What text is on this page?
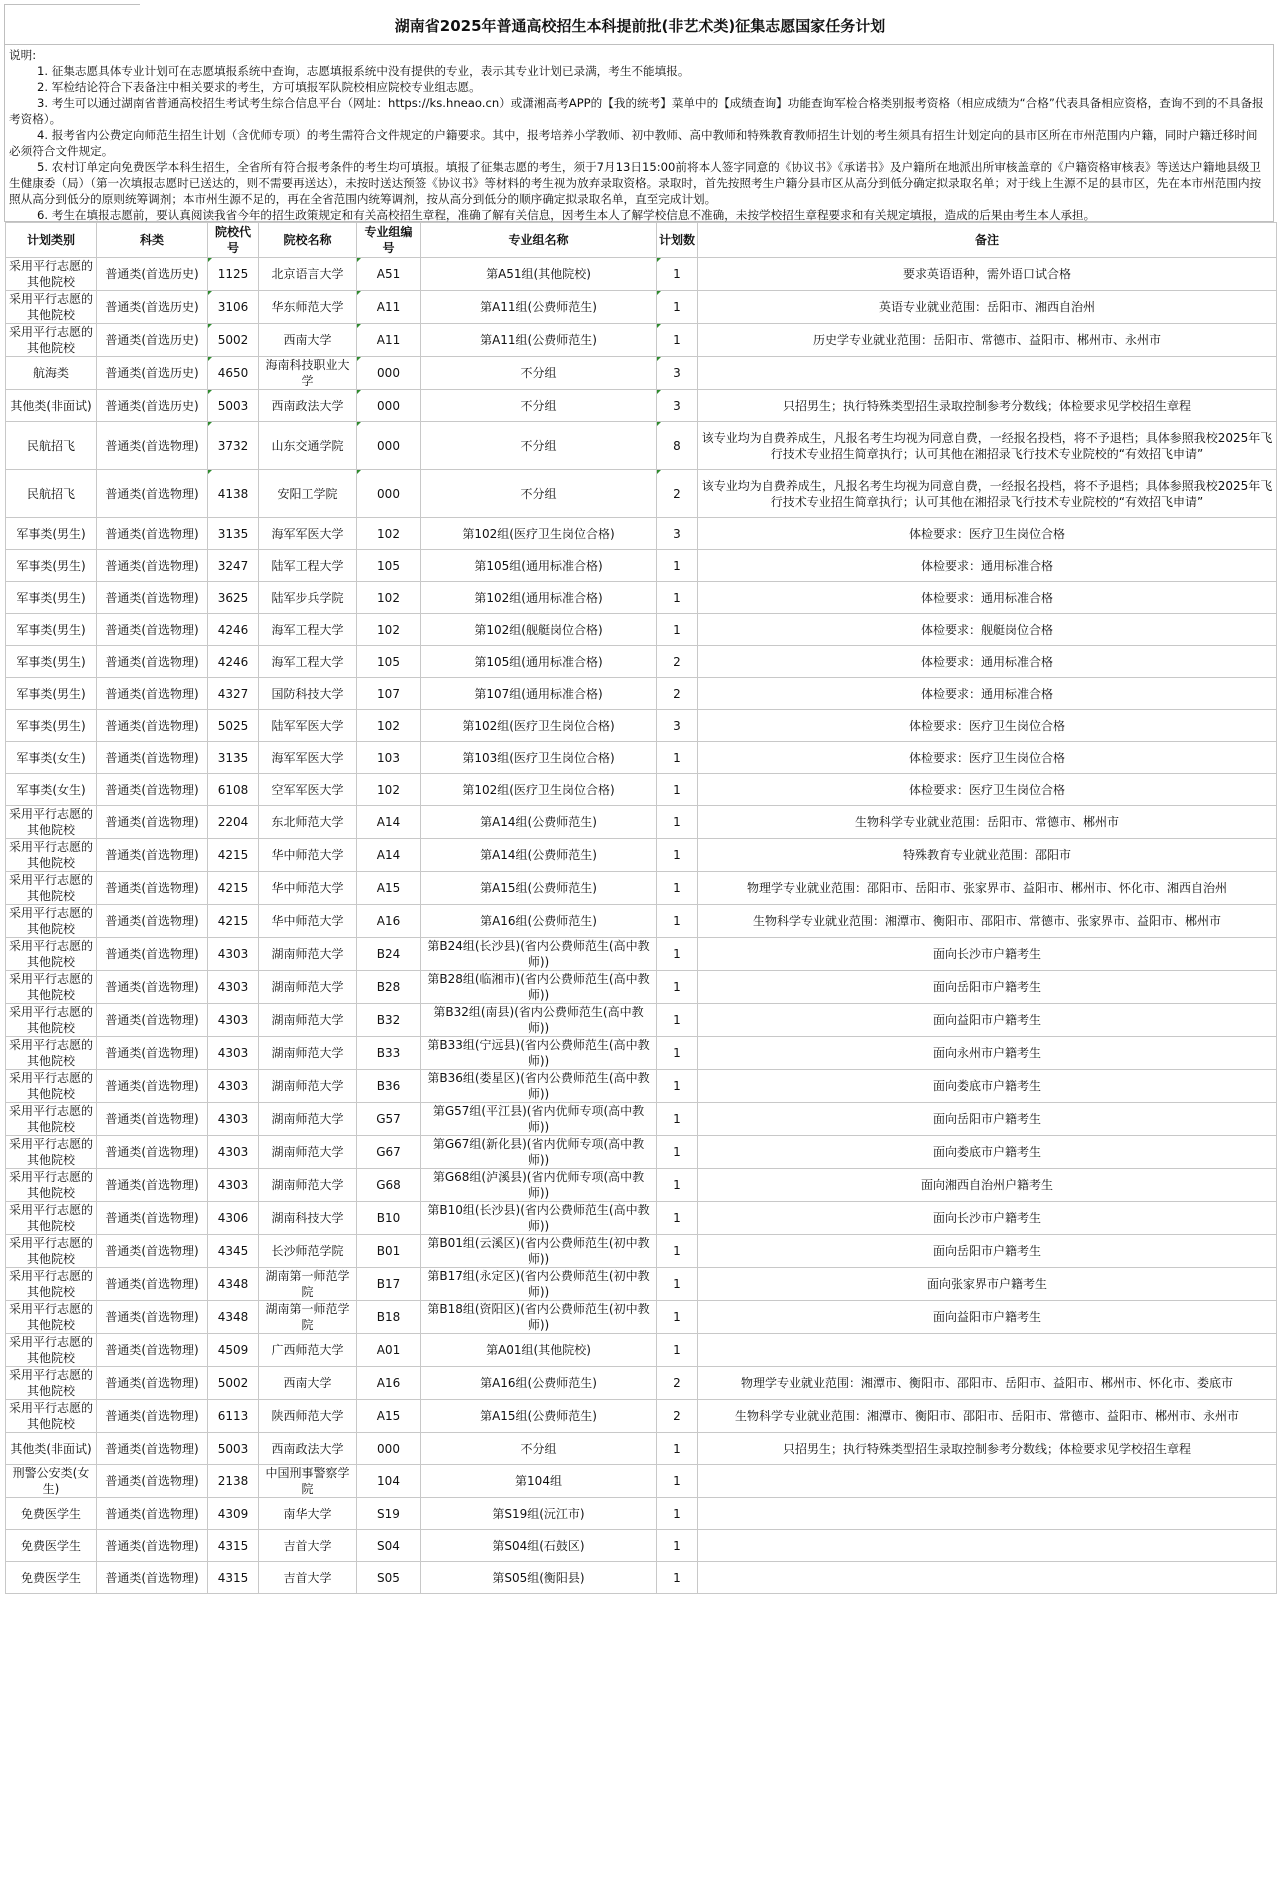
湖南省2025年普通高校招生本科提前批(非艺术类)征集志愿国家任务计划

说明:

1. 征集志愿具体专业计划可在志愿填报系统中查询，志愿填报系统中没有提供的专业，表示其专业计划已录满，考生不能填报。

2. 军检结论符合下表备注中相关要求的考生，方可填报军队院校相应院校专业组志愿。

3. 考生可以通过湖南省普通高校招生考试考生综合信息平台（网址：https://ks.hneao.cn）或潇湘高考APP的【我的统考】菜单中的【成绩查询】功能查询军检合格类别报考资格（相应成绩为“合格”代表具备相应资格，查询不到的不具备报考资格）。

4. 报考省内公费定向师范生招生计划（含优师专项）的考生需符合文件规定的户籍要求。其中，报考培养小学教师、初中教师、高中教师和特殊教育教师招生计划的考生须具有招生计划定向的县市区所在市州范围内户籍，同时户籍迁移时间必须符合文件规定。

5. 农村订单定向免费医学本科生招生，全省所有符合报考条件的考生均可填报。填报了征集志愿的考生，须于7月13日15:00前将本人签字同意的《协议书》《承诺书》及户籍所在地派出所审核盖章的《户籍资格审核表》等送达户籍地县级卫生健康委（局）（第一次填报志愿时已送达的，则不需要再送达），未按时送达预签《协议书》等材料的考生视为放弃录取资格。录取时，首先按照考生户籍分县市区从高分到低分确定拟录取名单；对于线上生源不足的县市区，先在本市州范围内按照从高分到低分的原则统筹调剂；本市州生源不足的，再在全省范围内统筹调剂，按从高分到低分的顺序确定拟录取名单，直至完成计划。

6. 考生在填报志愿前，要认真阅读我省今年的招生政策规定和有关高校招生章程，准确了解有关信息，因考生本人了解学校信息不准确，未按学校招生章程要求和有关规定填报，造成的后果由考生本人承担。

计划类别	科类	院校代号	院校名称	专业组编号	专业组名称	计划数	备注
采用平行志愿的其他院校	普通类(首选历史)	1125	北京语言大学	A51	第A51组(其他院校)	1	要求英语语种，需外语口试合格
采用平行志愿的其他院校	普通类(首选历史)	3106	华东师范大学	A11	第A11组(公费师范生)	1	英语专业就业范围：岳阳市、湘西自治州
采用平行志愿的其他院校	普通类(首选历史)	5002	西南大学	A11	第A11组(公费师范生)	1	历史学专业就业范围：岳阳市、常德市、益阳市、郴州市、永州市
航海类	普通类(首选历史)	4650	海南科技职业大学	000	不分组	3	
其他类(非面试)	普通类(首选历史)	5003	西南政法大学	000	不分组	3	只招男生；执行特殊类型招生录取控制参考分数线；体检要求见学校招生章程
民航招飞	普通类(首选物理)	3732	山东交通学院	000	不分组	8	该专业均为自费养成生，凡报名考生均视为同意自费，一经报名投档，将不予退档；具体参照我校2025年飞行技术专业招生简章执行；认可其他在湘招录飞行技术专业院校的“有效招飞申请”
民航招飞	普通类(首选物理)	4138	安阳工学院	000	不分组	2	该专业均为自费养成生，凡报名考生均视为同意自费，一经报名投档，将不予退档；具体参照我校2025年飞行技术专业招生简章执行；认可其他在湘招录飞行技术专业院校的“有效招飞申请”
军事类(男生)	普通类(首选物理)	3135	海军军医大学	102	第102组(医疗卫生岗位合格)	3	体检要求：医疗卫生岗位合格
军事类(男生)	普通类(首选物理)	3247	陆军工程大学	105	第105组(通用标准合格)	1	体检要求：通用标准合格
军事类(男生)	普通类(首选物理)	3625	陆军步兵学院	102	第102组(通用标准合格)	1	体检要求：通用标准合格
军事类(男生)	普通类(首选物理)	4246	海军工程大学	102	第102组(舰艇岗位合格)	1	体检要求：舰艇岗位合格
军事类(男生)	普通类(首选物理)	4246	海军工程大学	105	第105组(通用标准合格)	2	体检要求：通用标准合格
军事类(男生)	普通类(首选物理)	4327	国防科技大学	107	第107组(通用标准合格)	2	体检要求：通用标准合格
军事类(男生)	普通类(首选物理)	5025	陆军军医大学	102	第102组(医疗卫生岗位合格)	3	体检要求：医疗卫生岗位合格
军事类(女生)	普通类(首选物理)	3135	海军军医大学	103	第103组(医疗卫生岗位合格)	1	体检要求：医疗卫生岗位合格
军事类(女生)	普通类(首选物理)	6108	空军军医大学	102	第102组(医疗卫生岗位合格)	1	体检要求：医疗卫生岗位合格
采用平行志愿的其他院校	普通类(首选物理)	2204	东北师范大学	A14	第A14组(公费师范生)	1	生物科学专业就业范围：岳阳市、常德市、郴州市
采用平行志愿的其他院校	普通类(首选物理)	4215	华中师范大学	A14	第A14组(公费师范生)	1	特殊教育专业就业范围：邵阳市
采用平行志愿的其他院校	普通类(首选物理)	4215	华中师范大学	A15	第A15组(公费师范生)	1	物理学专业就业范围：邵阳市、岳阳市、张家界市、益阳市、郴州市、怀化市、湘西自治州
采用平行志愿的其他院校	普通类(首选物理)	4215	华中师范大学	A16	第A16组(公费师范生)	1	生物科学专业就业范围：湘潭市、衡阳市、邵阳市、常德市、张家界市、益阳市、郴州市
采用平行志愿的其他院校	普通类(首选物理)	4303	湖南师范大学	B24	第B24组(长沙县)(省内公费师范生(高中教师))	1	面向长沙市户籍考生
采用平行志愿的其他院校	普通类(首选物理)	4303	湖南师范大学	B28	第B28组(临湘市)(省内公费师范生(高中教师))	1	面向岳阳市户籍考生
采用平行志愿的其他院校	普通类(首选物理)	4303	湖南师范大学	B32	第B32组(南县)(省内公费师范生(高中教师))	1	面向益阳市户籍考生
采用平行志愿的其他院校	普通类(首选物理)	4303	湖南师范大学	B33	第B33组(宁远县)(省内公费师范生(高中教师))	1	面向永州市户籍考生
采用平行志愿的其他院校	普通类(首选物理)	4303	湖南师范大学	B36	第B36组(娄星区)(省内公费师范生(高中教师))	1	面向娄底市户籍考生
采用平行志愿的其他院校	普通类(首选物理)	4303	湖南师范大学	G57	第G57组(平江县)(省内优师专项(高中教师))	1	面向岳阳市户籍考生
采用平行志愿的其他院校	普通类(首选物理)	4303	湖南师范大学	G67	第G67组(新化县)(省内优师专项(高中教师))	1	面向娄底市户籍考生
采用平行志愿的其他院校	普通类(首选物理)	4303	湖南师范大学	G68	第G68组(泸溪县)(省内优师专项(高中教师))	1	面向湘西自治州户籍考生
采用平行志愿的其他院校	普通类(首选物理)	4306	湖南科技大学	B10	第B10组(长沙县)(省内公费师范生(高中教师))	1	面向长沙市户籍考生
采用平行志愿的其他院校	普通类(首选物理)	4345	长沙师范学院	B01	第B01组(云溪区)(省内公费师范生(初中教师))	1	面向岳阳市户籍考生
采用平行志愿的其他院校	普通类(首选物理)	4348	湖南第一师范学院	B17	第B17组(永定区)(省内公费师范生(初中教师))	1	面向张家界市户籍考生
采用平行志愿的其他院校	普通类(首选物理)	4348	湖南第一师范学院	B18	第B18组(资阳区)(省内公费师范生(初中教师))	1	面向益阳市户籍考生
采用平行志愿的其他院校	普通类(首选物理)	4509	广西师范大学	A01	第A01组(其他院校)	1	
采用平行志愿的其他院校	普通类(首选物理)	5002	西南大学	A16	第A16组(公费师范生)	2	物理学专业就业范围：湘潭市、衡阳市、邵阳市、岳阳市、益阳市、郴州市、怀化市、娄底市
采用平行志愿的其他院校	普通类(首选物理)	6113	陕西师范大学	A15	第A15组(公费师范生)	2	生物科学专业就业范围：湘潭市、衡阳市、邵阳市、岳阳市、常德市、益阳市、郴州市、永州市
其他类(非面试)	普通类(首选物理)	5003	西南政法大学	000	不分组	1	只招男生；执行特殊类型招生录取控制参考分数线；体检要求见学校招生章程
刑警公安类(女生)	普通类(首选物理)	2138	中国刑事警察学院	104	第104组	1	
免费医学生	普通类(首选物理)	4309	南华大学	S19	第S19组(沅江市)	1	
免费医学生	普通类(首选物理)	4315	吉首大学	S04	第S04组(石鼓区)	1	
免费医学生	普通类(首选物理)	4315	吉首大学	S05	第S05组(衡阳县)	1	
